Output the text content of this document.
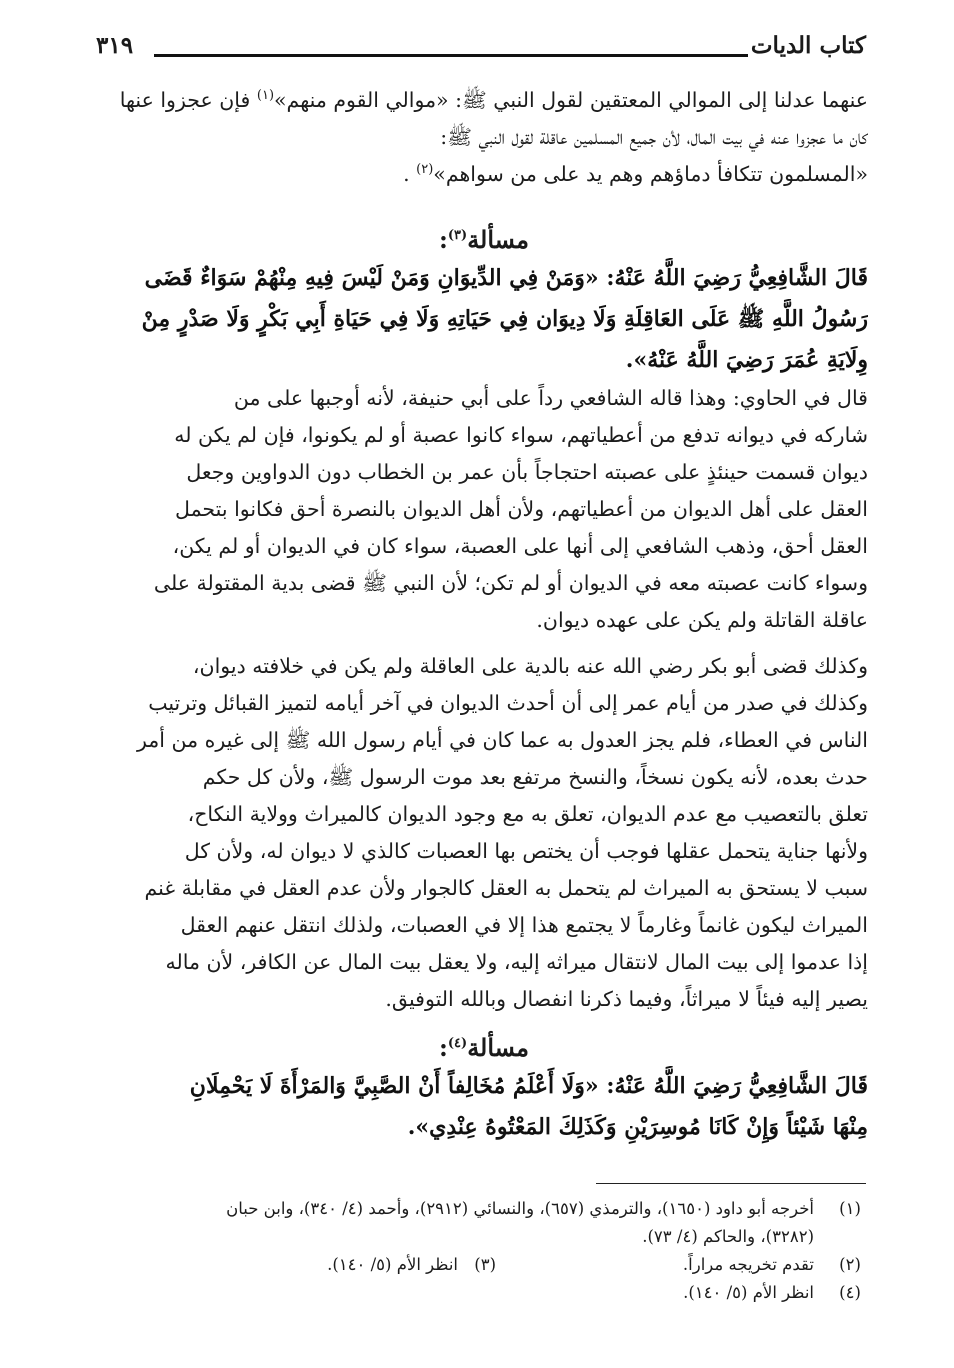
كتاب الديات
٣١٩
عنهما عدلنا إلى الموالي المعتقين لقول النبي ﷺ: «موالي القوم منهم»$^{(١)}$ فإن عجزوا عنها
كان ما عجزوا عنه في بيت المال، لأن جميع المسلمين عاقلة لقول النبي ﷺ:
«المسلمون تتكافأ دماؤهم وهم يد على من سواهم»$^{(٢)}$ .
مسألة$^{(٣)}$:
قَالَ الشَّافِعِيُّ رَضِيَ اللَّهُ عَنْهُ: «وَمَنْ فِي الدِّيوَانِ وَمَنْ لَيْسَ فِيهِ مِنْهُمْ سَوَاءٌ قَضَى
رَسُولُ اللَّهِ ﷺ عَلَى العَاقِلَةِ وَلَا دِيوَان فِي حَيَاتِهِ وَلَا فِي حَيَاةِ أَبِي بَكْرٍ وَلَا صَدْرٍ مِنْ
وِلَايَةِ عُمَرَ رَضِيَ اللَّهُ عَنْهُ».
قال في الحاوي: وهذا قاله الشافعي رداً على أبي حنيفة، لأنه أوجبها على من
شاركه في ديوانه تدفع من أعطياتهم، سواء كانوا عصبة أو لم يكونوا، فإن لم يكن له
ديوان قسمت حينئذٍ على عصبته احتجاجاً بأن عمر بن الخطاب دون الدواوين وجعل
العقل على أهل الديوان من أعطياتهم، ولأن أهل الديوان بالنصرة أحق فكانوا بتحمل
العقل أحق، وذهب الشافعي إلى أنها على العصبة، سواء كان في الديوان أو لم يكن،
وسواء كانت عصبته معه في الديوان أو لم تكن؛ لأن النبي ﷺ قضى بدية المقتولة على
عاقلة القاتلة ولم يكن على عهده ديوان.
وكذلك قضى أبو بكر رضي الله عنه بالدية على العاقلة ولم يكن في خلافته ديوان،
وكذلك في صدر من أيام عمر إلى أن أحدث الديوان في آخر أيامه لتميز القبائل وترتيب
الناس في العطاء، فلم يجز العدول به عما كان في أيام رسول الله ﷺ إلى غيره من أمر
حدث بعده، لأنه يكون نسخاً، والنسخ مرتفع بعد موت الرسول ﷺ، ولأن كل حكم
تعلق بالتعصيب مع عدم الديوان، تعلق به مع وجود الديوان كالميراث وولاية النكاح،
ولأنها جناية يتحمل عقلها فوجب أن يختص بها العصبات كالذي لا ديوان له، ولأن كل
سبب لا يستحق به الميراث لم يتحمل به العقل كالجوار ولأن عدم العقل في مقابلة غنم
الميراث ليكون غانماً وغارماً لا يجتمع هذا إلا في العصبات، ولذلك انتقل عنهم العقل
إذا عدموا إلى بيت المال لانتقال ميراثه إليه، ولا يعقل بيت المال عن الكافر، لأن ماله
يصير إليه فيئاً لا ميراثاً، وفيما ذكرنا انفصال وبالله التوفيق.
مسألة$^{(٤)}$:
قَالَ الشَّافِعِيُّ رَضِيَ اللَّهُ عَنْهُ: «وَلَا أَعْلَمُ مُخَالِفاً أَنْ الصَّبِيَّ وَالمَرْأَةَ لَا يَحْمِلَانِ
مِنْهَا شَيْئاً وَإِنْ كَانَا مُوسِرَيْنِ وَكَذَلِكَ المَعْتُوهُ عِنْدِي».
(١)
أخرجه أبو داود (١٦٥٠)، والترمذي (٦٥٧)، والنسائي (٢٩١٢)، وأحمد (٤/ ٣٤٠)، وابن حبان
(٣٢٨٢)، والحاكم (٤/ ٧٣).
(٢)
تقدم تخريجه مراراً.
(٣)
انظر الأم (٥/ ١٤٠).
(٤)
انظر الأم (٥/ ١٤٠).
